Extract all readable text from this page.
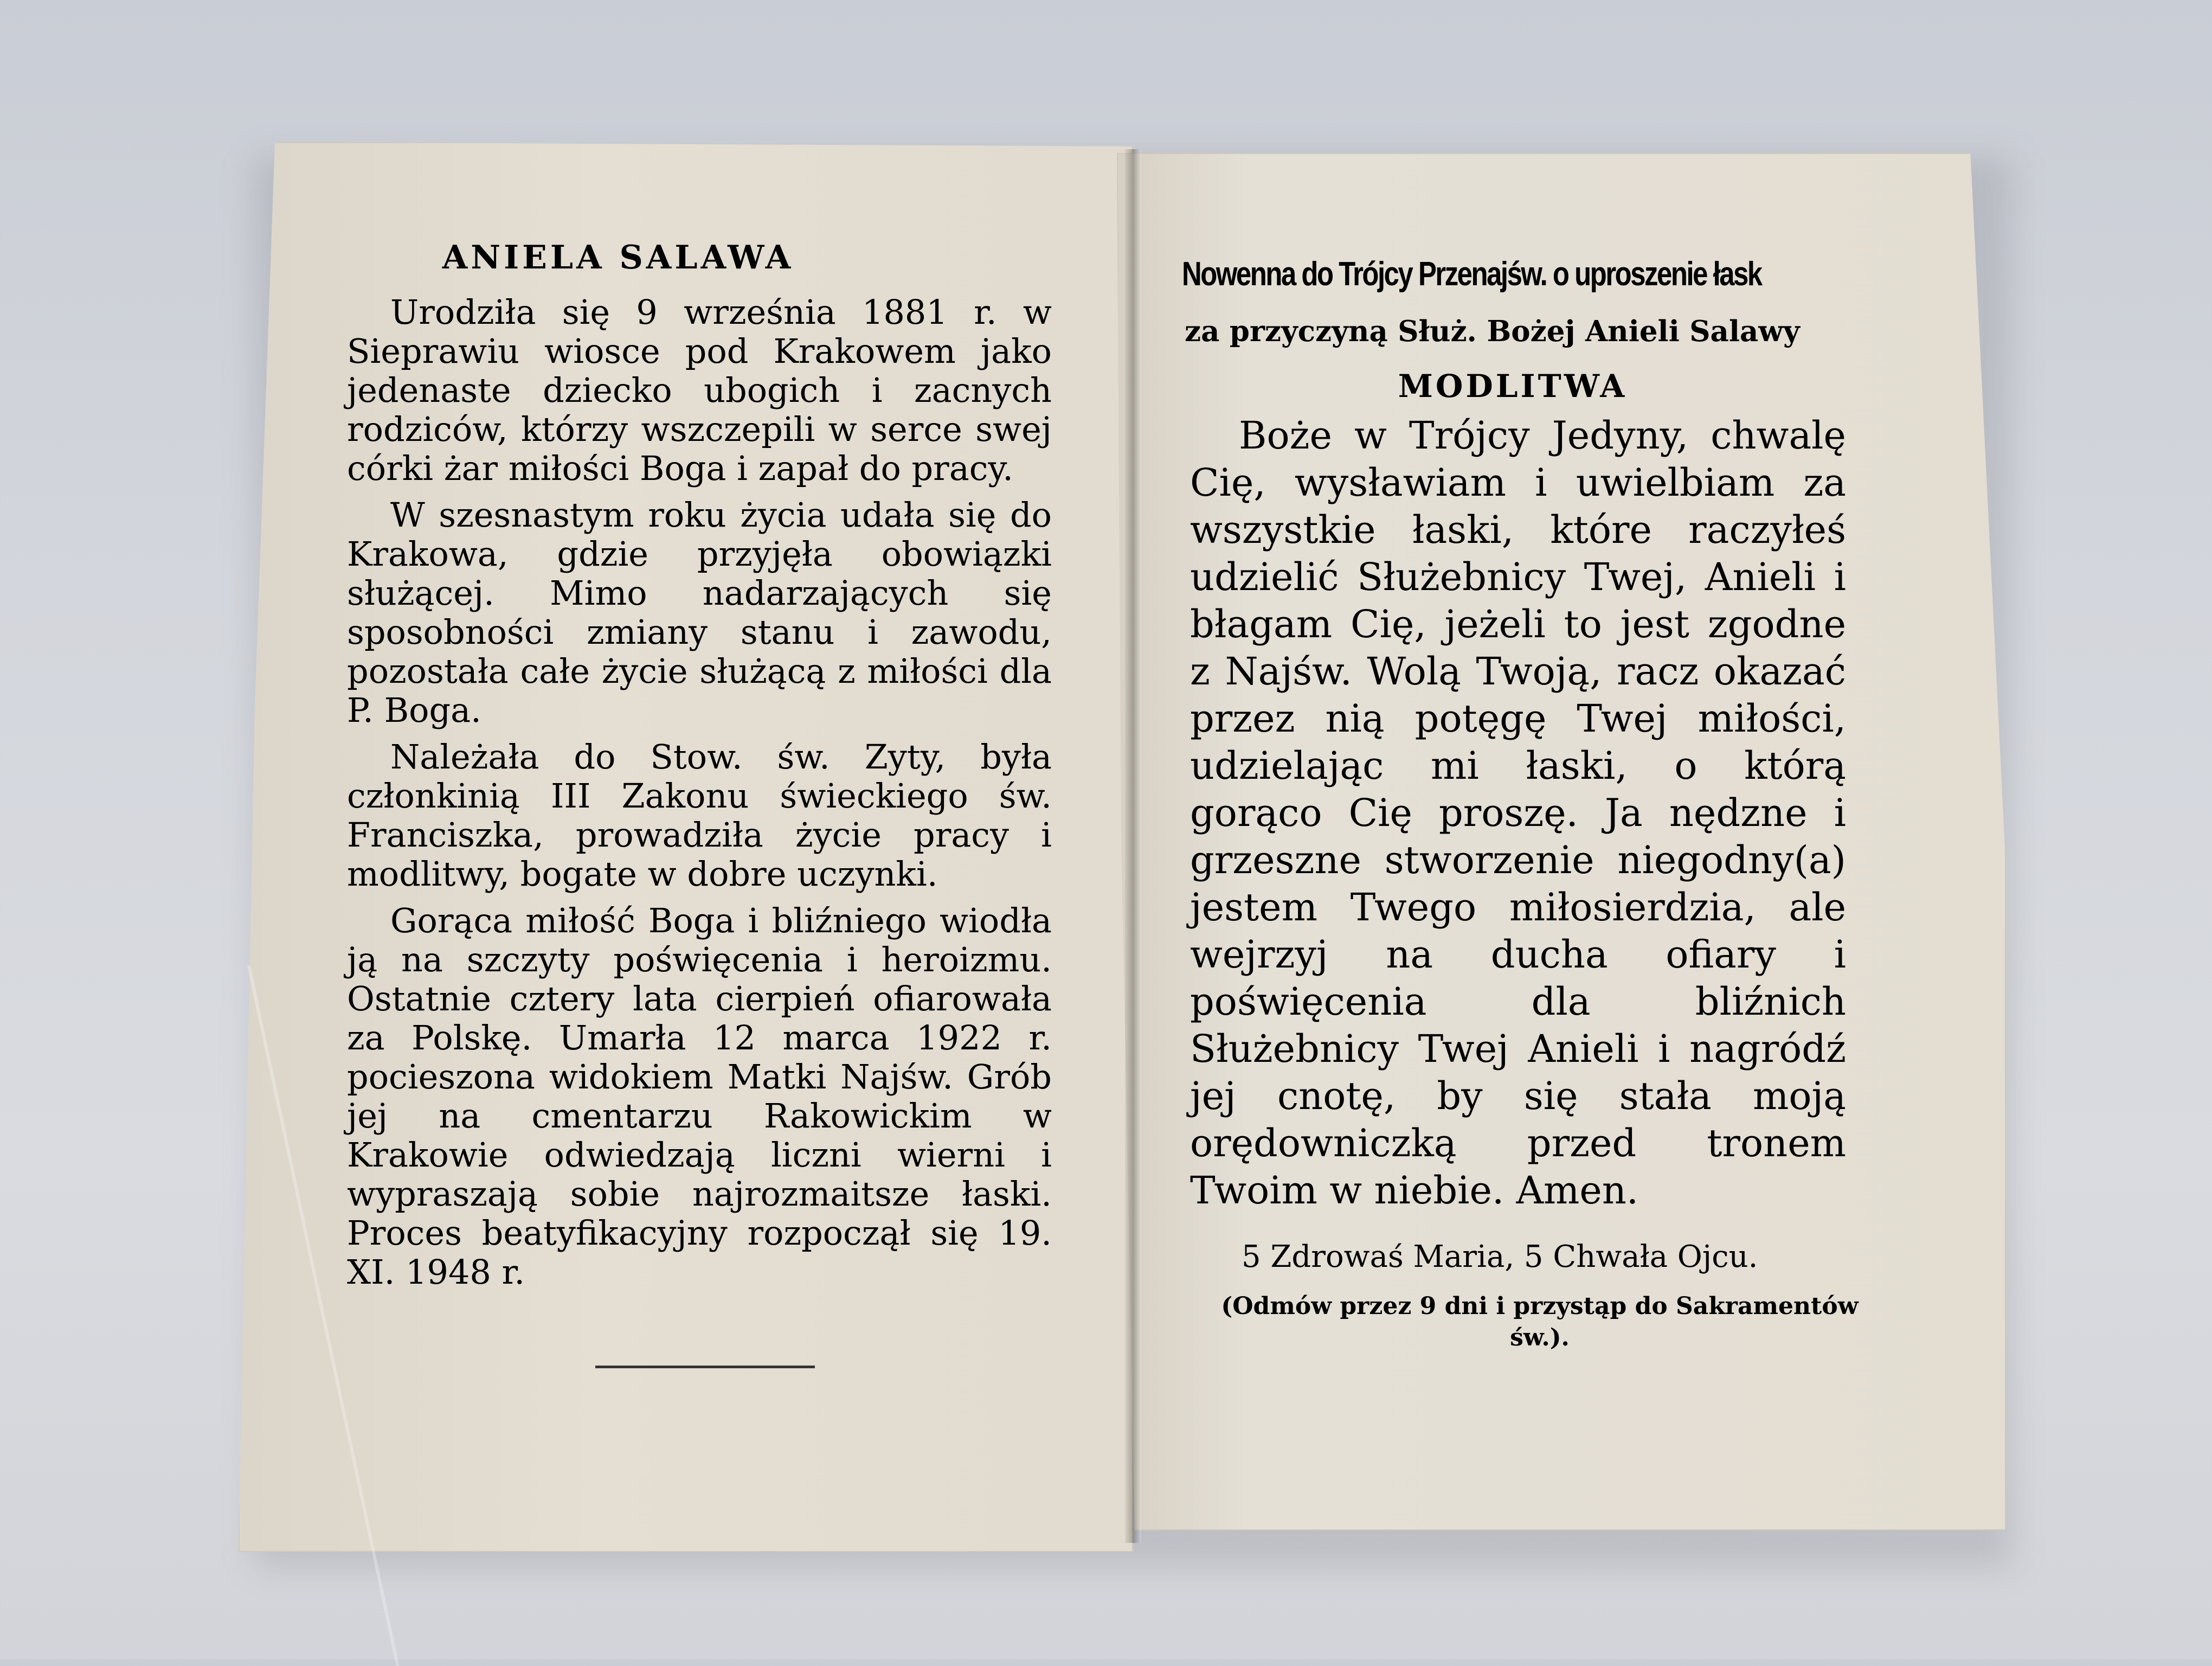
ANIELA SALAWA

Urodziła się 9 września 1881 r. w Sieprawiu wiosce pod Krakowem jako jedenaste dziecko ubogich i zacnych rodziców, którzy wszczepili w serce swej córki żar miłości Boga i zapał do pracy.

W szesnastym roku życia udała się do Krakowa, gdzie przyjęła obowiązki służącej. Mimo nadarzających się sposobności zmiany stanu i zawodu, pozostała całe życie służącą z miłości dla P. Boga.

Należała do Stow. św. Zyty, była członkinią III Zakonu świeckiego św. Franciszka, prowadziła życie pracy i modlitwy, bogate w dobre uczynki.

Gorąca miłość Boga i bliźniego wiodła ją na szczyty poświęcenia i heroizmu. Ostatnie cztery lata cierpień ofiarowała za Polskę. Umarła 12 marca 1922 r. pocieszona widokiem Matki Najśw. Grób jej na cmentarzu Rakowickim w Krakowie odwiedzają liczni wierni i wypraszają sobie najrozmaitsze łaski. Proces beatyfikacyjny rozpoczął się 19. XI. 1948 r.

Nowenna do Trójcy Przenajśw. o uproszenie łask
za przyczyną Służ. Bożej Anieli Salawy
MODLITWA

Boże w Trójcy Jedyny, chwalę Cię, wysławiam i uwielbiam za wszystkie łaski, które raczyłeś udzielić Służebnicy Twej, Anieli i błagam Cię, jeżeli to jest zgodne z Najśw. Wolą Twoją, racz okazać przez nią potęgę Twej miłości, udzielając mi łaski, o którą gorąco Cię proszę. Ja nędzne i grzeszne stworzenie niegodny(a) jestem Twego miłosierdzia, ale wejrzyj na ducha ofiary i poświęcenia dla bliźnich Służebnicy Twej Anieli i nagródź jej cnotę, by się stała moją orędowniczką przed tronem Twoim w niebie. Amen.

5 Zdrowaś Maria, 5 Chwała Ojcu.
(Odmów przez 9 dni i przystąp do Sakramentów św.).
